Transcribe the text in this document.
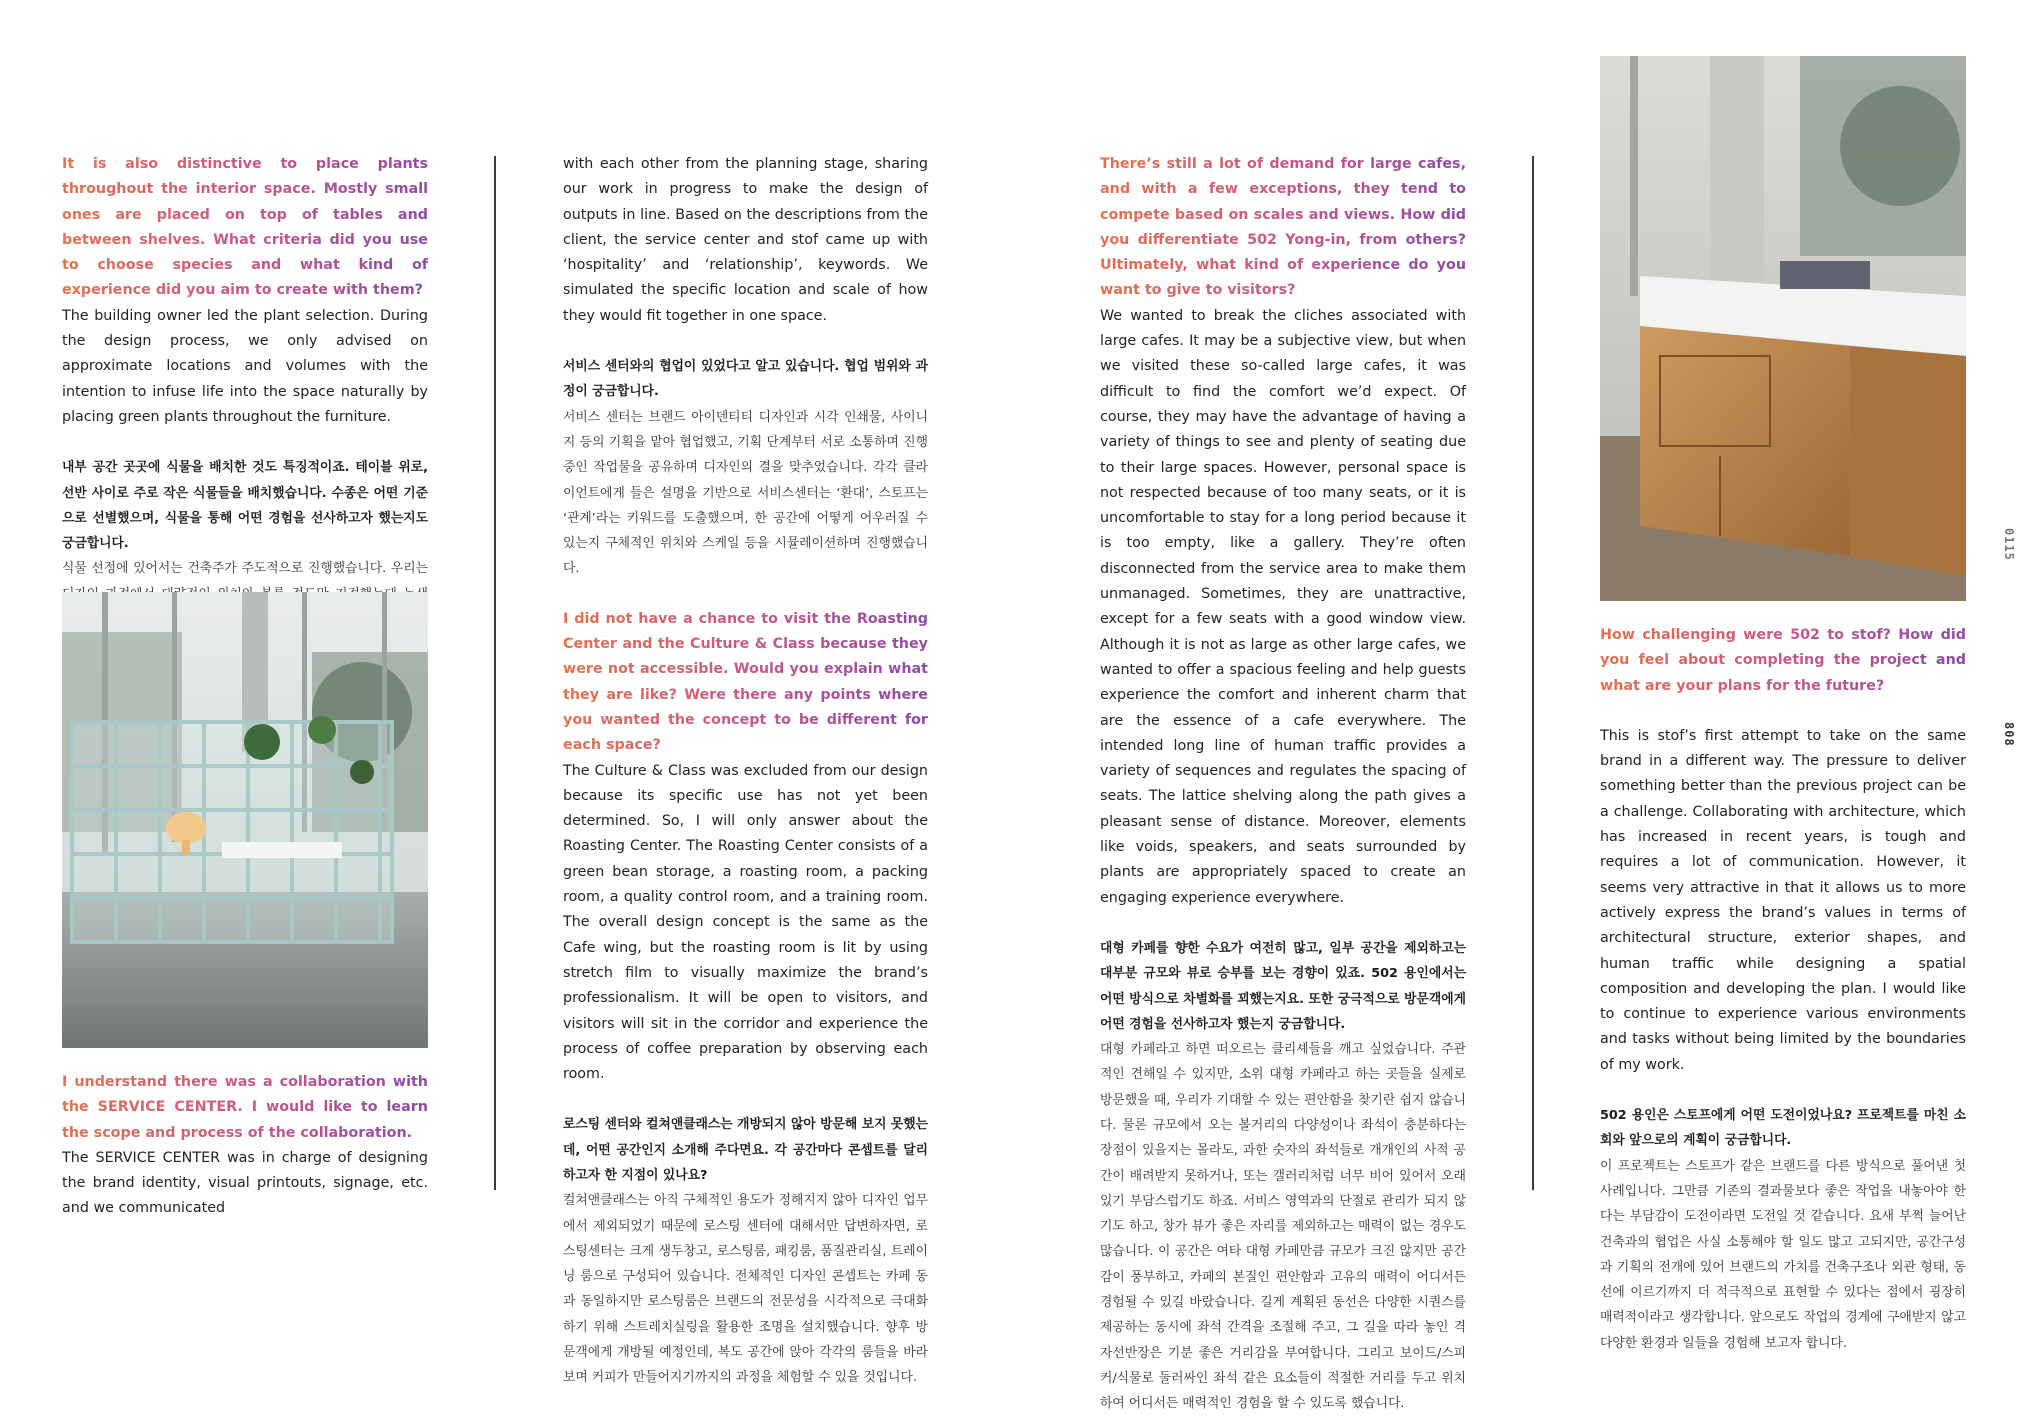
It is also distinctive to place plants throughout the interior space. Mostly small ones are placed on top of tables and between shelves. What criteria did you use to choose species and what kind of experience did you aim to create with them?

The building owner led the plant selection. During the design process, we only advised on approximate locations and volumes with the intention to infuse life into the space naturally by placing green plants throughout the furniture.

내부 공간 곳곳에 식물을 배치한 것도 특징적이죠. 테이블 위로, 선반 사이로 주로 작은 식물들을 배치했습니다. 수종은 어떤 기준으로 선별했으며, 식물을 통해 어떤 경험을 선사하고자 했는지도 궁금합니다.

식물 선정에 있어서는 건축주가 주도적으로 진행했습니다. 우리는

I understand there was a collaboration with the SERVICE CENTER. I would like to learn the scope and process of the collaboration.

The SERVICE CENTER was in charge of designing the brand identity, visual printouts, signage, etc. and we communicated

with each other from the planning stage, sharing our work in progress to make the design of outputs in line. Based on the descriptions from the client, the service center and stof came up with ‘hospitality’ and ‘relationship’, keywords. We simulated the specific location and scale of how they would fit together in one space.

서비스 센터와의 협업이 있었다고 알고 있습니다. 협업 범위와 과정이 궁금합니다.

서비스 센터는 브랜드 아이덴티티 디자인과 시각 인쇄물, 사이니지 등의 기획을 맡아 협업했고, 기획 단계부터 서로 소통하며 진행 중인 작업물을 공유하며 디자인의 결을 맞추었습니다. 각각 클라이언트에게 들은 설명을 기반으로 서비스센터는 ‘환대’, 스토프는 ‘관계’라는 키워드를 도출했으며, 한 공간에 어떻게 어우러질 수 있는지 구체적인 위치와 스케일 등을 시뮬레이션하며 진행했습니다.

I did not have a chance to visit the Roasting Center and the Culture & Class because they were not accessible. Would you explain what they are like? Were there any points where you wanted the concept to be different for each space?

The Culture & Class was excluded from our design because its specific use has not yet been determined. So, I will only answer about the Roasting Center. The Roasting Center consists of a green bean storage, a roasting room, a packing room, a quality control room, and a training room. The overall design concept is the same as the Cafe wing, but the roasting room is lit by using stretch film to visually maximize the brand’s professionalism. It will be open to visitors, and visitors will sit in the corridor and experience the process of coffee preparation by observing each room.

로스팅 센터와 컬쳐앤클래스는 개방되지 않아 방문해 보지 못했는데, 어떤 공간인지 소개해 주다면요. 각 공간마다 콘셉트를 달리하고자 한 지점이 있나요?

컬쳐앤클래스는 아직 구체적인 용도가 정해지지 않아 디자인 업무에서 제외되었기 때문에 로스팅 센터에 대해서만 답변하자면, 로스팅센터는 크게 생두창고, 로스팅룸, 패킹룸, 품질관리실, 트레이닝 룸으로 구성되어 있습니다. 전체적인 디자인 콘셉트는 카페 동과 동일하지만 로스팅룸은 브랜드의 전문성을 시각적으로 극대화하기 위해 스트레치실링을 활용한 조명을 설치했습니다. 향후 방문객에게 개방될 예정인데, 복도 공간에 앉아 각각의 룸들을 바라보며 커피가 만들어지기까지의 과정을 체험할 수 있을 것입니다.

There’s still a lot of demand for large cafes, and with a few exceptions, they tend to compete based on scales and views. How did you differentiate 502 Yong-in, from others? Ultimately, what kind of experience do you want to give to visitors?

We wanted to break the cliches associated with large cafes. It may be a subjective view, but when we visited these so-called large cafes, it was difficult to find the comfort we’d expect. Of course, they may have the advantage of having a variety of things to see and plenty of seating due to their large spaces. However, personal space is not respected because of too many seats, or it is uncomfortable to stay for a long period because it is too empty, like a gallery. They’re often disconnected from the service area to make them unmanaged. Sometimes, they are unattractive, except for a few seats with a good window view. Although it is not as large as other large cafes, we wanted to offer a spacious feeling and help guests experience the comfort and inherent charm that are the essence of a cafe everywhere. The intended long line of human traffic provides a variety of sequences and regulates the spacing of seats. The lattice shelving along the path gives a pleasant sense of distance. Moreover, elements like voids, speakers, and seats surrounded by plants are appropriately spaced to create an engaging experience everywhere.

대형 카페를 향한 수요가 여전히 많고, 일부 공간을 제외하고는 대부분 규모와 뷰로 승부를 보는 경향이 있죠. 502 용인에서는 어떤 방식으로 차별화를 꾀했는지요. 또한 궁극적으로 방문객에게 어떤 경험을 선사하고자 했는지 궁금합니다.

대형 카페라고 하면 떠오르는 클리셰들을 깨고 싶었습니다. 주관적인 견해일 수 있지만, 소위 대형 카페라고 하는 곳들을 실제로 방문했을 때, 우리가 기대할 수 있는 편안함을 찾기란 쉽지 않습니다. 물론 규모에서 오는 볼거리의 다양성이나 좌석이 충분하다는 장점이 있을지는 몰라도, 과한 숫자의 좌석들로 개개인의 사적 공간이 배려받지 못하거나, 또는 갤러리처럼 너무 비어 있어서 오래 있기 부담스럽기도 하죠. 서비스 영역과의 단절로 관리가 되지 않기도 하고, 창가 뷰가 좋은 자리를 제외하고는 매력이 없는 경우도 많습니다. 이 공간은 여타 대형 카페만큼 규모가 크진 않지만 공간감이 풍부하고, 카페의 본질인 편안함과 고유의 매력이 어디서든 경험될 수 있길 바랐습니다. 길게 계획된 동선은 다양한 시퀀스를 제공하는 동시에 좌석 간격을 조절해 주고, 그 길을 따라 놓인 격자선반장은 기분 좋은 거리감을 부여합니다. 그리고 보이드/스피커/식물로 둘러싸인 좌석 같은 요소들이 적절한 거리를 두고 위치하여 어디서든 매력적인 경험을 할 수 있도록 했습니다.

How challenging were 502 to stof? How did you feel about completing the project and what are your plans for the future?

This is stof’s first attempt to take on the same brand in a different way. The pressure to deliver something better than the previous project can be a challenge. Collaborating with architecture, which has increased in recent years, is tough and requires a lot of communication. However, it seems very attractive in that it allows us to more actively express the brand’s values in terms of architectural structure, exterior shapes, and human traffic while designing a spatial composition and developing the plan. I would like to continue to experience various environments and tasks without being limited by the boundaries of my work.

502 용인은 스토프에게 어떤 도전이었나요? 프로젝트를 마친 소회와 앞으로의 계획이 궁금합니다.

이 프로젝트는 스토프가 같은 브랜드를 다른 방식으로 풀어낸 첫 사례입니다. 그만큼 기존의 결과물보다 좋은 작업을 내놓아야 한다는 부담감이 도전이라면 도전일 것 같습니다. 요새 부쩍 늘어난 건축과의 협업은 사실 소통해야 할 일도 많고 고되지만, 공간구성과 기획의 전개에 있어 브랜드의 가치를 건축구조나 외관 형태, 동선에 이르기까지 더 적극적으로 표현할 수 있다는 점에서 굉장히 매력적이라고 생각합니다. 앞으로도 작업의 경계에 구애받지 않고 다양한 환경과 일들을 경험해 보고자 합니다.

808
0115
